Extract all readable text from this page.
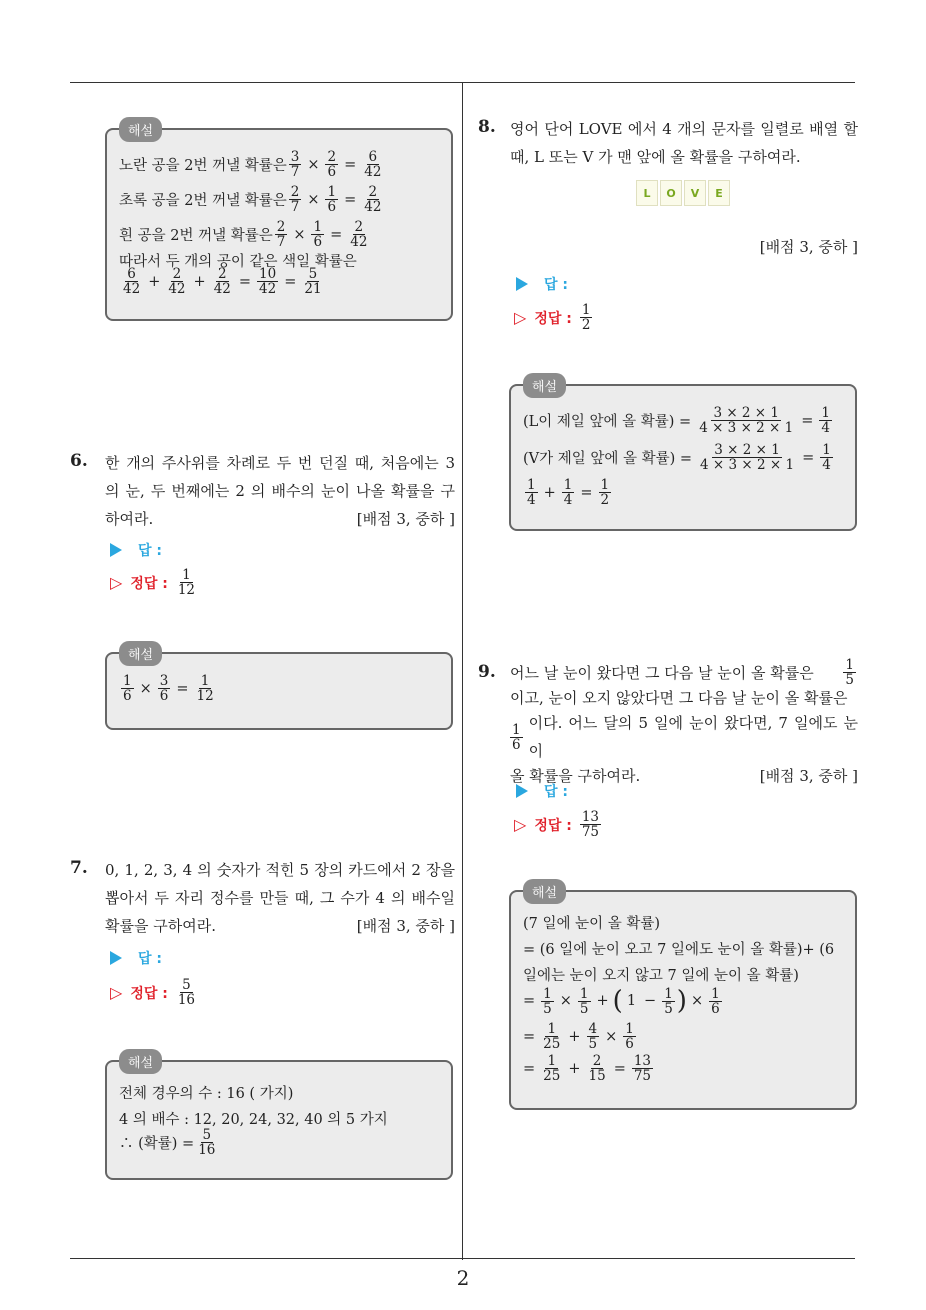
2
해설
노란 공을 2번 꺼낼 확률은 $\frac{3}{7} \times \frac{2}{6} = \frac{6}{42}$
초록 공을 2번 꺼낼 확률은 $\frac{2}{7} \times \frac{1}{6} = \frac{2}{42}$
흰 공을 2번 꺼낼 확률은 $\frac{2}{7} \times \frac{1}{6} = \frac{2}{42}$
따라서 두 개의 공이 같은 색일 확률은
$\frac{6}{42} + \frac{2}{42} + \frac{2}{42} = \frac{10}{42} = \frac{5}{21}$
6. 한 개의 주사위를 차례로 두 번 던질 때, 처음에는 3 의 눈, 두 번째에는 2 의 배수의 눈이 나올 확률을 구하여라.	[배점 3, 중하 ]
답 :
▷ 정답 : $\frac{1}{12}$
해설
$\frac{1}{6} \times \frac{3}{6} = \frac{1}{12}$
7. 0, 1, 2, 3, 4 의 숫자가 적힌 5 장의 카드에서 2 장을 뽑아서 두 자리 정수를 만들 때, 그 수가 4 의 배수일 확률을 구하여라.	[배점 3, 중하 ]
답 :
▷ 정답 : $\frac{5}{16}$
해설
전체 경우의 수 : 16 ( 가지)
4 의 배수 : 12, 20, 24, 32, 40 의 5 가지
∴ (확률) = $\frac{5}{16}$
8. 영어 단어 LOVE 에서 4 개의 문자를 일렬로 배열 할 때, L 또는 V 가 맨 앞에 올 확률을 구하여라.
L	O	V	E
[배점 3, 중하 ]
답 :
▷ 정답 : $\frac{1}{2}$
해설
(L이 제일 앞에 올 확률) = $\frac{3 \times 2 \times 1}{4 \times 3 \times 2 \times 1} = \frac{1}{4}$
(V가 제일 앞에 올 확률) = $\frac{3 \times 2 \times 1}{4 \times 3 \times 2 \times 1} = \frac{1}{4}$
$\frac{1}{4} + \frac{1}{4} = \frac{1}{2}$
9. 어느 날 눈이 왔다면 그 다음 날 눈이 올 확률은 $\frac{1}{5}$
이고, 눈이 오지 않았다면 그 다음 날 눈이 올 확률은
$\frac{1}{6}$ 이다. 어느 달의 5 일에 눈이 왔다면, 7 일에도 눈이
올 확률을 구하여라.	[배점 3, 중하 ]
답 :
▷ 정답 : $\frac{13}{75}$
해설
(7 일에 눈이 올 확률)
= (6 일에 눈이 오고 7 일에도 눈이 올 확률)+ (6
일에는 눈이 오지 않고 7 일에 눈이 올 확률)
= $\frac{1}{5} \times \frac{1}{5}$ + ( $1 - \frac{1}{5}$ ) × $\frac{1}{6}$
= $\frac{1}{25} + \frac{4}{5} \times \frac{1}{6}$
= $\frac{1}{25} + \frac{2}{15} = \frac{13}{75}$
